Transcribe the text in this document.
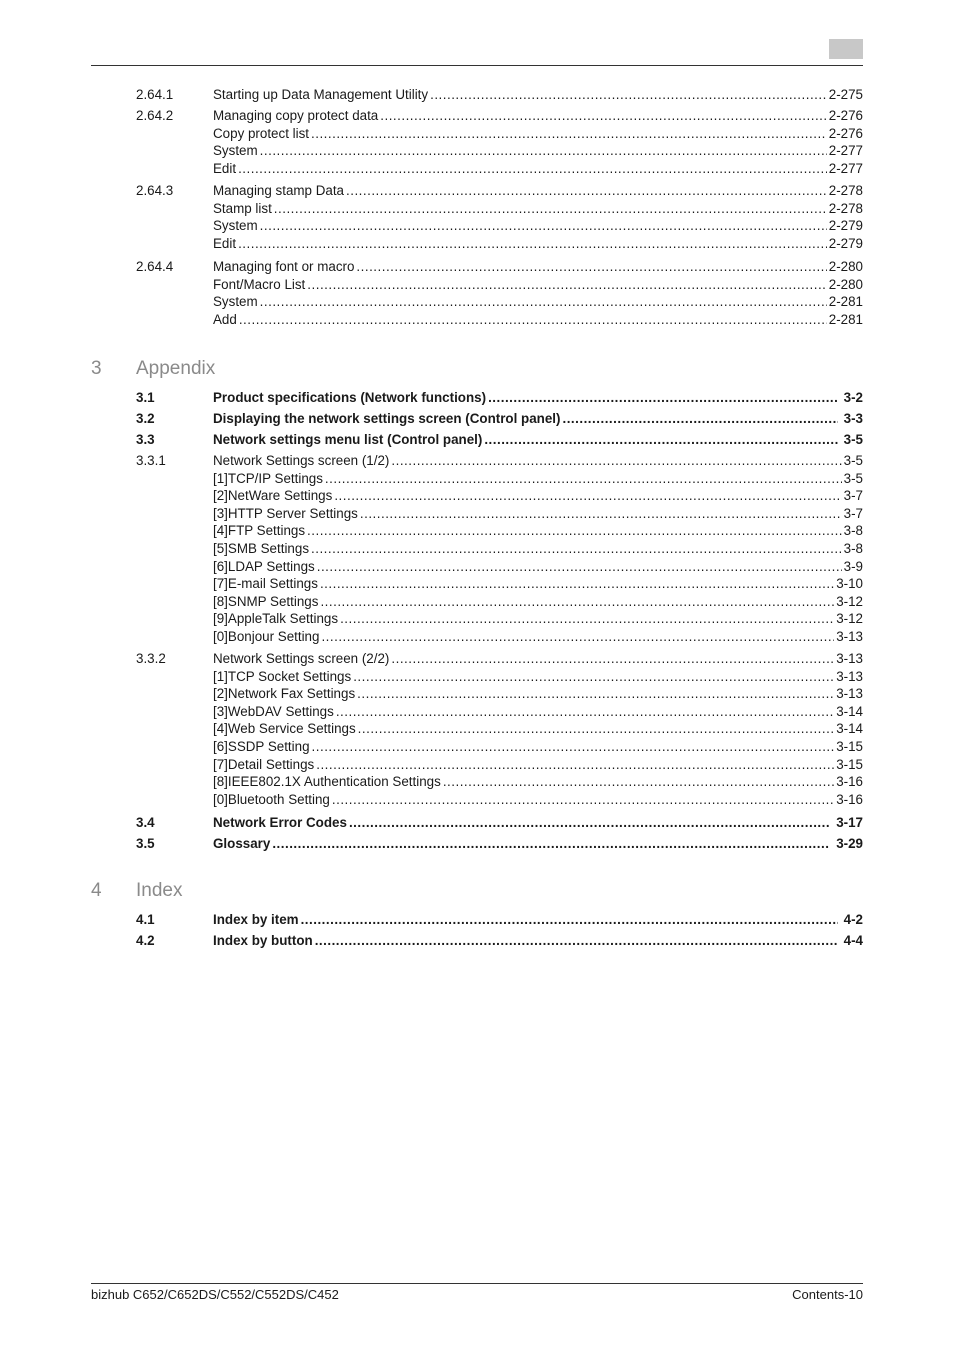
2.64.1	Starting up Data Management Utility .....	2-275
2.64.2	Managing copy protect data .....	2-276
Copy protect list .....	2-276
System .....	2-277
Edit .....	2-277
2.64.3	Managing stamp Data .....	2-278
Stamp list .....	2-278
System .....	2-279
Edit .....	2-279
2.64.4	Managing font or macro .....	2-280
Font/Macro List .....	2-280
System .....	2-281
Add .....	2-281
3.1	Product specifications (Network functions) .....	3-2
3.2	Displaying the network settings screen (Control panel) .....	3-3
3.3	Network settings menu list (Control panel) .....	3-5
3.3.1	Network Settings screen (1/2) .....	3-5
[1]TCP/IP Settings .....	3-5
[2]NetWare Settings .....	3-7
[3]HTTP Server Settings .....	3-7
[4]FTP Settings .....	3-8
[5]SMB Settings .....	3-8
[6]LDAP Settings .....	3-9
[7]E-mail Settings .....	3-10
[8]SNMP Settings .....	3-12
[9]AppleTalk Settings .....	3-12
[0]Bonjour Setting .....	3-13
3.3.2	Network Settings screen (2/2) .....	3-13
[1]TCP Socket Settings .....	3-13
[2]Network Fax Settings .....	3-13
[3]WebDAV Settings .....	3-14
[4]Web Service Settings .....	3-14
[6]SSDP Setting .....	3-15
[7]Detail Settings .....	3-15
[8]IEEE802.1X Authentication Settings .....	3-16
[0]Bluetooth Setting .....	3-16
3.4	Network Error Codes .....	3-17
3.5	Glossary .....	3-29
4.1	Index by item .....	4-2
4.2	Index by button .....	4-4
3 Appendix
4 Index
bizhub C652/C652DS/C552/C552DS/C452	Contents-10
